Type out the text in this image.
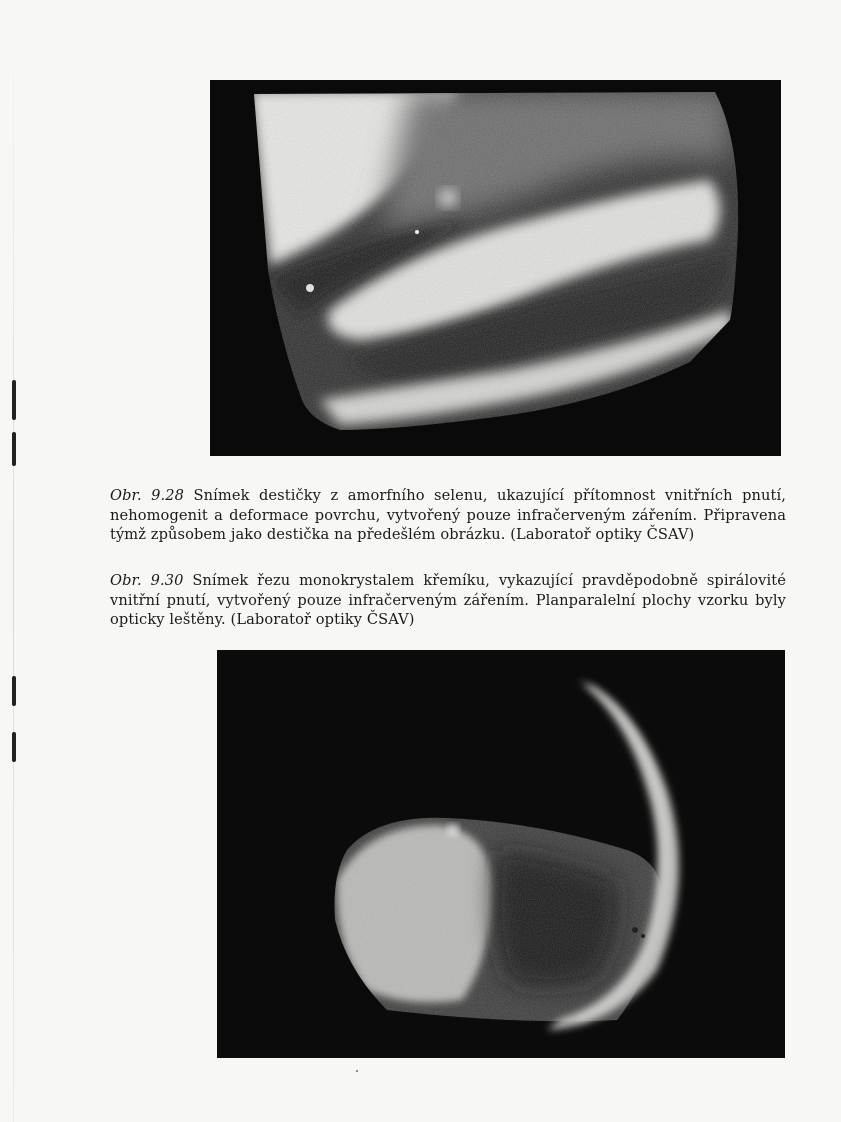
Obr. 9.28 Snímek destičky z amorfního selenu, ukazující přítomnost vnitřních pnutí, nehomogenit a deformace povrchu, vytvořený pouze infračerveným zářením. Připravena týmž způsobem jako destička na předešlém obrázku. (Laboratoř optiky ČSAV)
Obr. 9.30 Snímek řezu monokrystalem křemíku, vykazující pravděpodobně spirálovité vnitřní pnutí, vytvořený pouze infračerveným zářením. Planparalelní plochy vzorku byly opticky leštěny. (Laboratoř optiky ČSAV)
